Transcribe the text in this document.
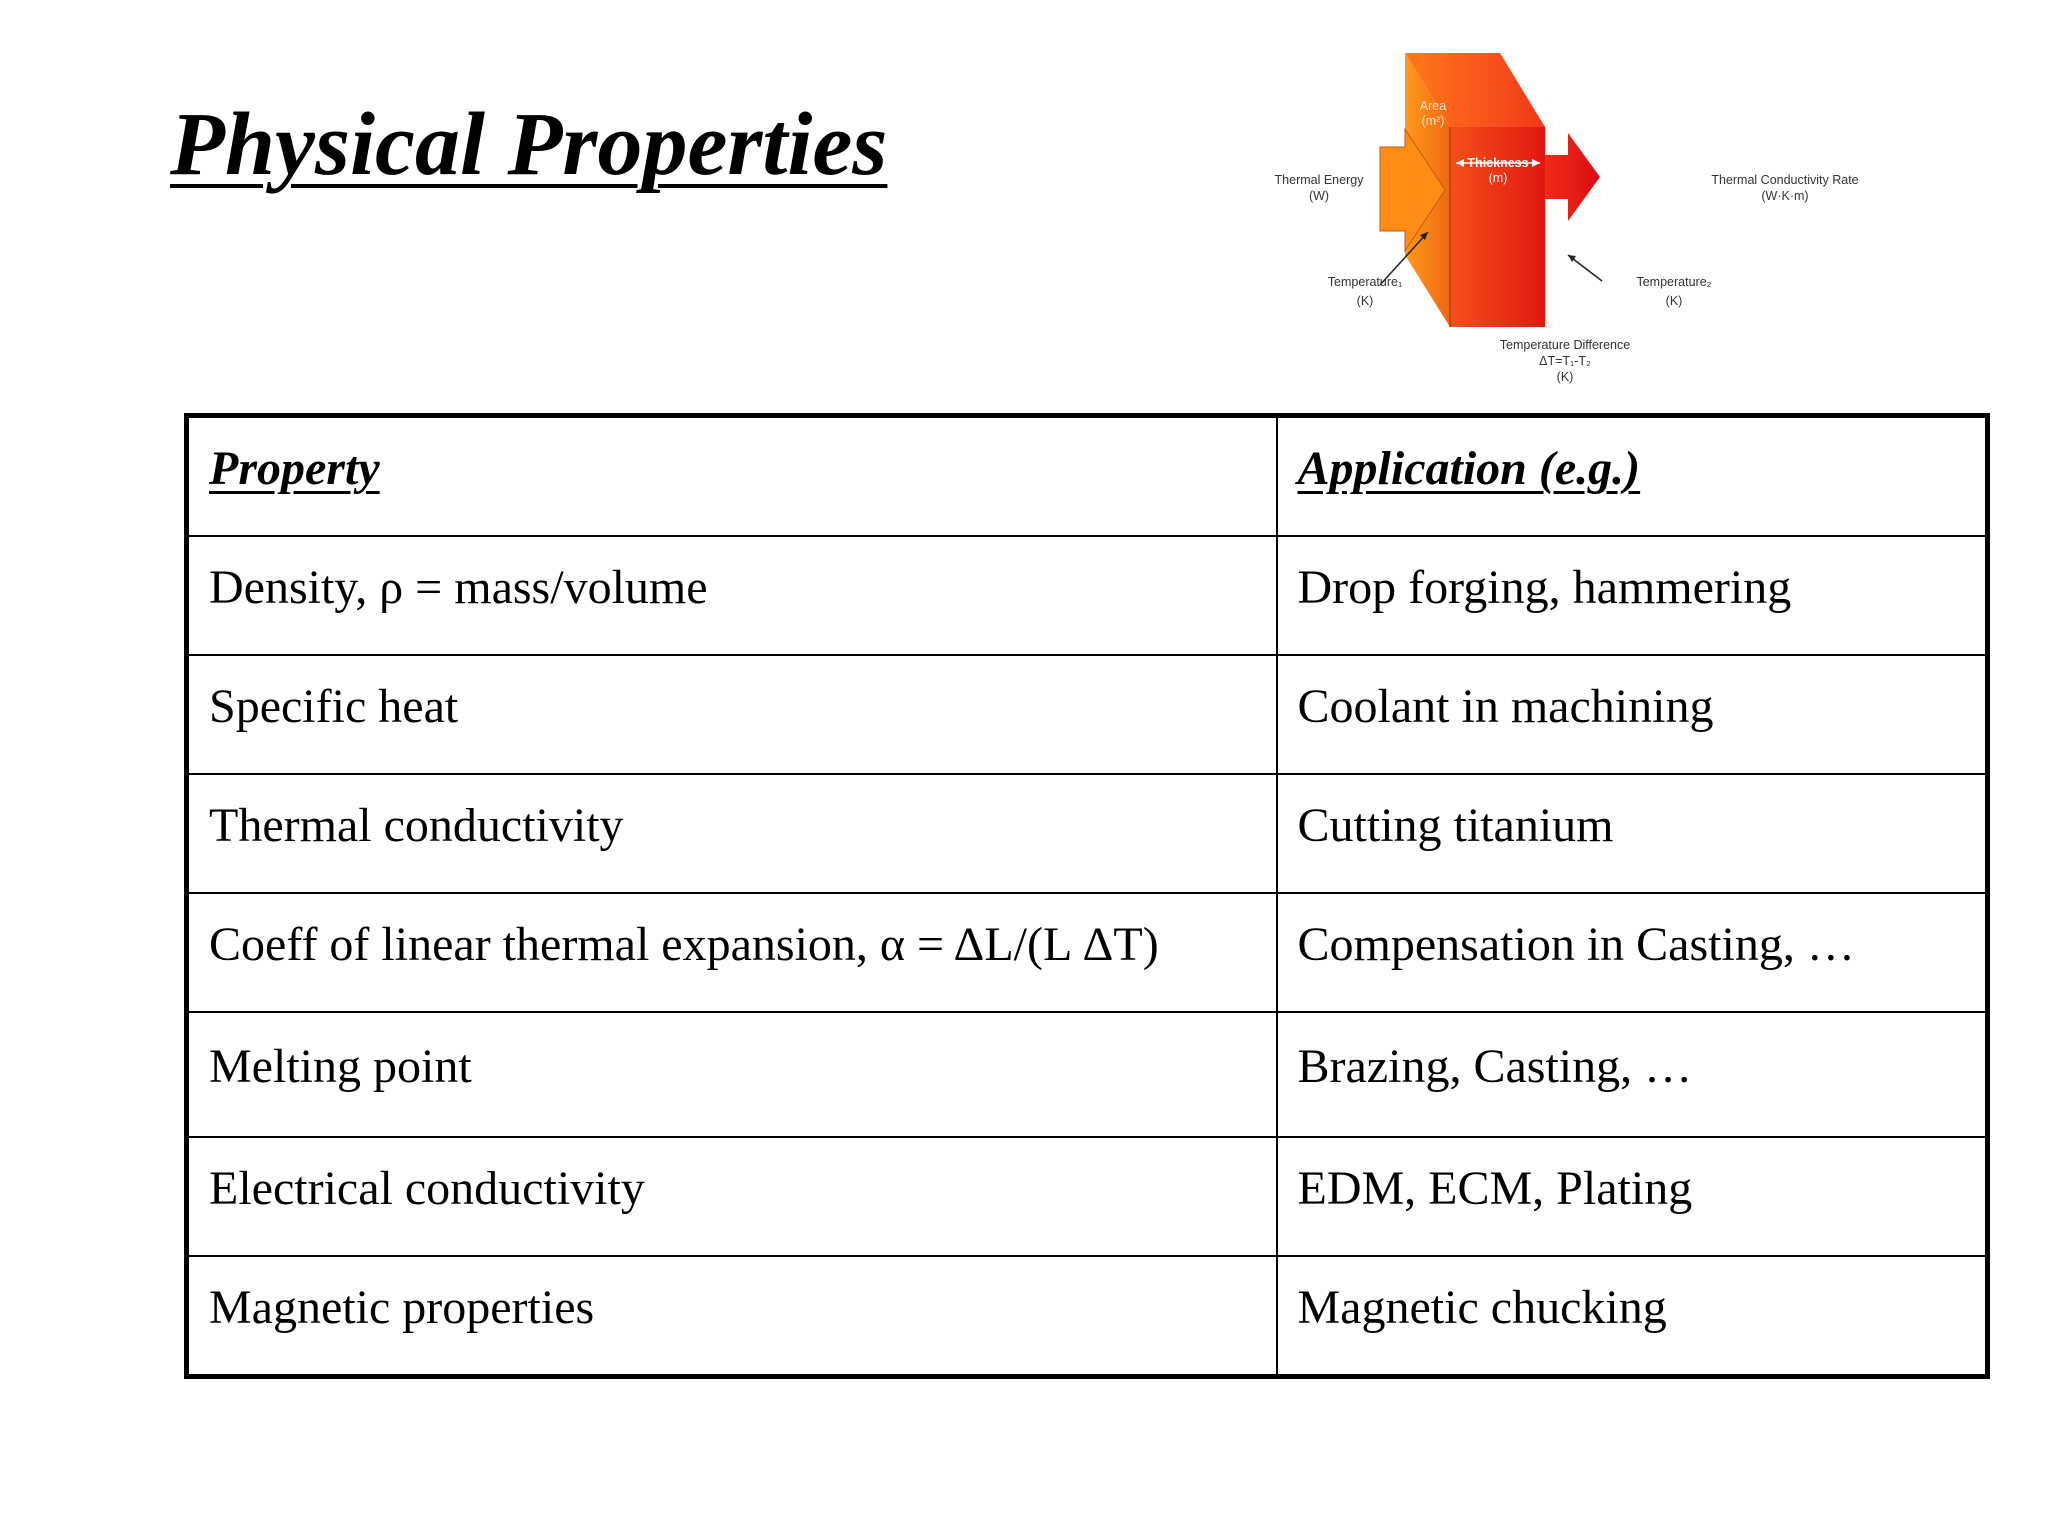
Physical Properties	Area
(m²)
Thickness
(m)
Thermal Energy
(W)
Thermal Conductivity Rate
(W·K·m)
Temperature₁
(K)
Temperature₂
(K)
Temperature Difference
ΔT=T₁-T₂
(K)
Property	Application (e.g.)
Density, ρ = mass/volume	Drop forging, hammering
Specific heat	Coolant in machining
Thermal conductivity	Cutting titanium
Coeff of linear thermal expansion, α = ΔL/(L ΔT)	Compensation in Casting, …
Melting point	Brazing, Casting, …
Electrical conductivity	EDM, ECM, Plating
Magnetic properties	Magnetic chucking
